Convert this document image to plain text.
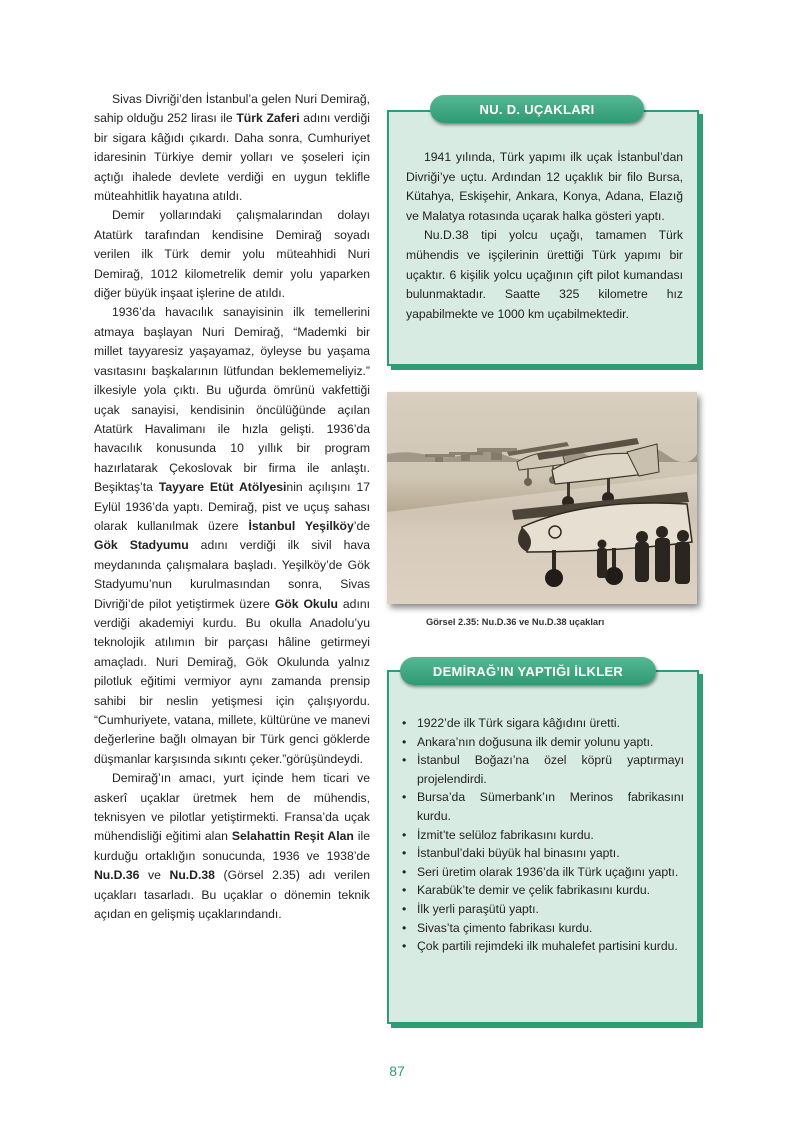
Sivas Divriği’den İstanbul’a gelen Nuri Demirağ, sahip olduğu 252 lirası ile Türk Zaferi adını verdiği bir sigara kâğıdı çıkardı. Daha sonra, Cumhuriyet idaresinin Türkiye demir yolları ve şoseleri için açtığı ihalede devlete verdiği en uygun teklifle müteahhitlik hayatına atıldı.

Demir yollarındaki çalışmalarından dolayı Atatürk tarafından kendisine Demirağ soyadı verilen ilk Türk demir yolu müteahhidi Nuri Demirağ, 1012 kilometrelik demir yolu yaparken diğer büyük inşaat işlerine de atıldı.

1936’da havacılık sanayisinin ilk temellerini atmaya başlayan Nuri Demirağ, “Mademki bir millet tayyaresiz yaşayamaz, öyleyse bu yaşama vasıtasını başkalarının lütfundan beklememeliyiz.” ilkesiyle yola çıktı. Bu uğurda ömrünü vakfettiği uçak sanayisi, kendisinin öncülüğünde açılan Atatürk Havalimanı ile hızla gelişti. 1936’da havacılık konusunda 10 yıllık bir program hazırlatarak Çekoslovak bir firma ile anlaştı. Beşiktaş’ta Tayyare Etüt Atölyesinin açılışını 17 Eylül 1936’da yaptı. Demirağ, pist ve uçuş sahası olarak kullanılmak üzere İstanbul Yeşilköy’de Gök Stadyumu adını verdiği ilk sivil hava meydanında çalışmalara başladı. Yeşilköy’de Gök Stadyumu’nun kurulmasından sonra, Sivas Divriği’de pilot yetiştirmek üzere Gök Okulu adını verdiği akademiyi kurdu. Bu okulla Anadolu’yu teknolojik atılımın bir parçası hâline getirmeyi amaçladı. Nuri Demirağ, Gök Okulunda yalnız pilotluk eğitimi vermiyor aynı zamanda prensip sahibi bir neslin yetişmesi için çalışıyordu. “Cumhuriyete, vatana, millete, kültürüne ve manevi değerlerine bağlı olmayan bir Türk genci göklerde düşmanlar karşısında sıkıntı çeker.”görüşündeydi.

Demirağ’ın amacı, yurt içinde hem ticari ve askerî uçaklar üretmek hem de mühendis, teknisyen ve pilotlar yetiştirmekti. Fransa’da uçak mühendisliği eğitimi alan Selahattin Reşit Alan ile kurduğu ortaklığın sonucunda, 1936 ve 1938’de Nu.D.36 ve Nu.D.38 (Görsel 2.35) adı verilen uçakları tasarladı. Bu uçaklar o dönemin teknik açıdan en gelişmiş uçaklarındandı.

NU. D. UÇAKLARI

1941 yılında, Türk yapımı ilk uçak İstanbul’dan Divriği’ye uçtu. Ardından 12 uçaklık bir filo Bursa, Kütahya, Eskişehir, Ankara, Konya, Adana, Elazığ ve Malatya rotasında uçarak halka gösteri yaptı.

Nu.D.38 tipi yolcu uçağı, tamamen Türk mühendis ve işçilerinin ürettiği Türk yapımı bir uçaktır. 6 kişilik yolcu uçağının çift pilot kumandası bulunmaktadır. Saatte 325 kilometre hız yapabilmekte ve 1000 km uçabilmektedir.

Görsel 2.35: Nu.D.36 ve Nu.D.38 uçakları
DEMİRAĞ’IN YAPTIĞI İLKLER
• 1922’de ilk Türk sigara kâğıdını üretti.
• Ankara’nın doğusuna ilk demir yolunu yaptı.
• İstanbul Boğazı’na özel köprü yaptırmayı projelendirdi.
• Bursa’da Sümerbank’ın Merinos fabrikasını kurdu.
• İzmit’te selüloz fabrikasını kurdu.
• İstanbul’daki büyük hal binasını yaptı.
• Seri üretim olarak 1936’da ilk Türk uçağını yaptı.
• Karabük’te demir ve çelik fabrikasını kurdu.
• İlk yerli paraşütü yaptı.
• Sivas’ta çimento fabrikası kurdu.
• Çok partili rejimdeki ilk muhalefet partisini kurdu.
87
